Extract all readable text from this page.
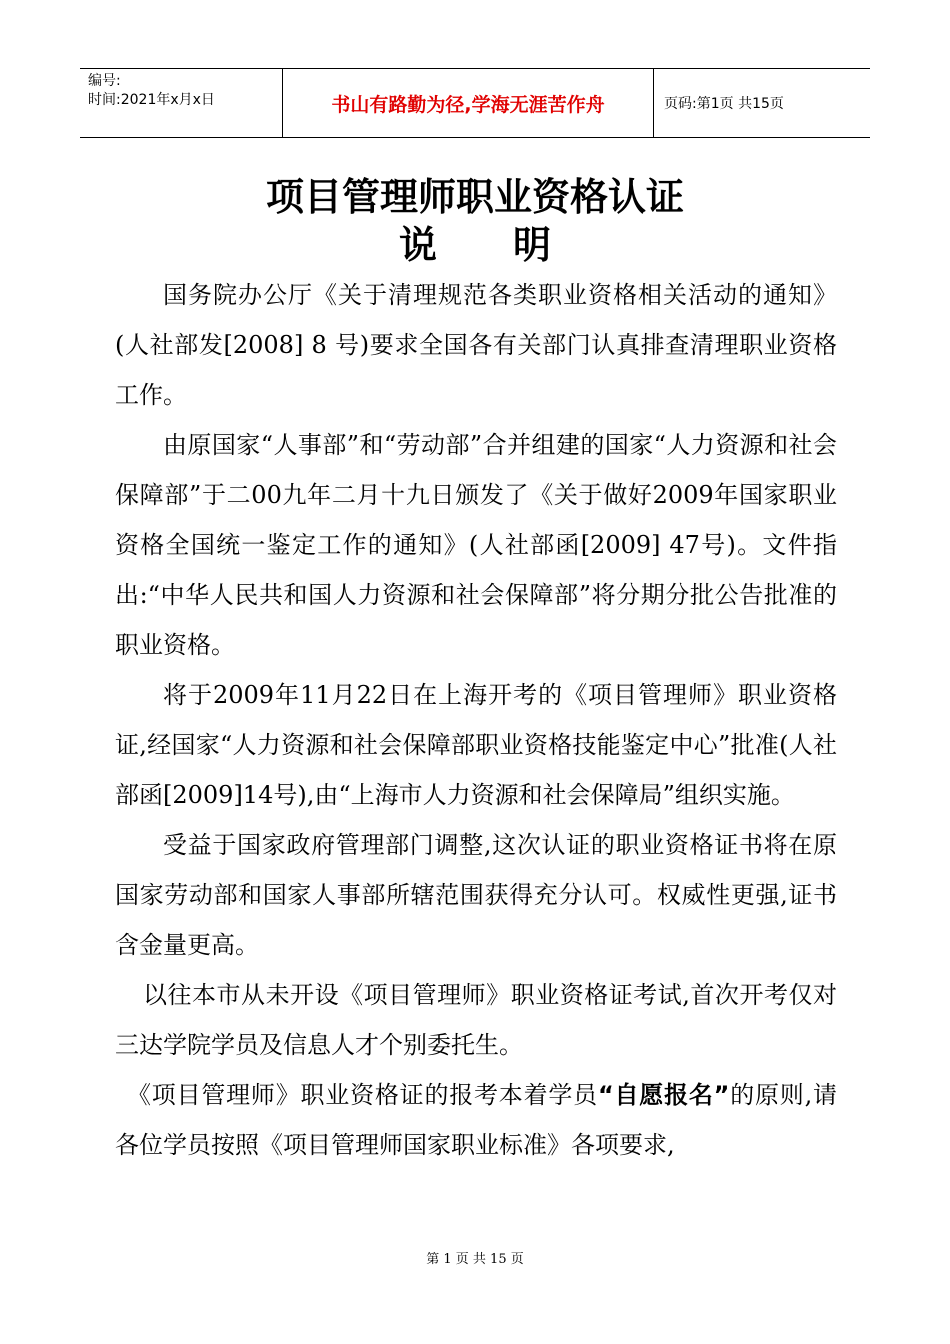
编号:
时间:2021年x月x日	书山有路勤为径,学海无涯苦作舟	页码:第1页 共15页
项目管理师职业资格认证
说　　明

国务院办公厅《关于清理规范各类职业资格相关活动的通知》(人社部发[2008] 8 号)要求全国各有关部门认真排查清理职业资格工作。

由原国家“人事部”和“劳动部”合并组建的国家“人力资源和社会保障部”于二00九年二月十九日颁发了《关于做好2009年国家职业资格全国统一鉴定工作的通知》(人社部函[2009] 47号)。文件指出:“中华人民共和国人力资源和社会保障部”将分期分批公告批准的职业资格。

将于2009年11月22日在上海开考的《项目管理师》职业资格证,经国家“人力资源和社会保障部职业资格技能鉴定中心”批准(人社部函[2009]14号),由“上海市人力资源和社会保障局”组织实施。

受益于国家政府管理部门调整,这次认证的职业资格证书将在原国家劳动部和国家人事部所辖范围获得充分认可。权威性更强,证书含金量更高。

以往本市从未开设《项目管理师》职业资格证考试,首次开考仅对三达学院学员及信息人才个别委托生。

《项目管理师》职业资格证的报考本着学员“自愿报名”的原则,请各位学员按照《项目管理师国家职业标准》各项要求,

第 1 页 共 15 页
